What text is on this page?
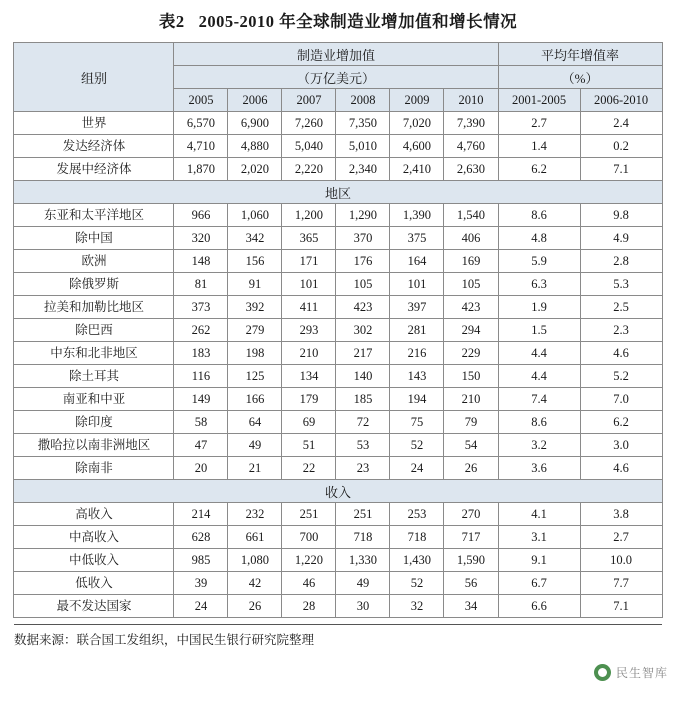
表2 2005-2010 年全球制造业增加值和增长情况
组别	制造业增加值						平均年增值率	
	（万亿美元）						（%）	
	2005	2006	2007	2008	2009	2010	2001-2005	2006-2010
世界	6,570	6,900	7,260	7,350	7,020	7,390	2.7	2.4
发达经济体	4,710	4,880	5,040	5,010	4,600	4,760	1.4	0.2
发展中经济体	1,870	2,020	2,220	2,340	2,410	2,630	6.2	7.1
地区								
东亚和太平洋地区	966	1,060	1,200	1,290	1,390	1,540	8.6	9.8
除中国	320	342	365	370	375	406	4.8	4.9
欧洲	148	156	171	176	164	169	5.9	2.8
除俄罗斯	81	91	101	105	101	105	6.3	5.3
拉美和加勒比地区	373	392	411	423	397	423	1.9	2.5
除巴西	262	279	293	302	281	294	1.5	2.3
中东和北非地区	183	198	210	217	216	229	4.4	4.6
除土耳其	116	125	134	140	143	150	4.4	5.2
南亚和中亚	149	166	179	185	194	210	7.4	7.0
除印度	58	64	69	72	75	79	8.6	6.2
撒哈拉以南非洲地区	47	49	51	53	52	54	3.2	3.0
除南非	20	21	22	23	24	26	3.6	4.6
收入								
高收入	214	232	251	251	253	270	4.1	3.8
中高收入	628	661	700	718	718	717	3.1	2.7
中低收入	985	1,080	1,220	1,330	1,430	1,590	9.1	10.0
低收入	39	42	46	49	52	56	6.7	7.7
最不发达国家	24	26	28	30	32	34	6.6	7.1
数据来源：联合国工发组织，中国民生银行研究院整理
民生智库
